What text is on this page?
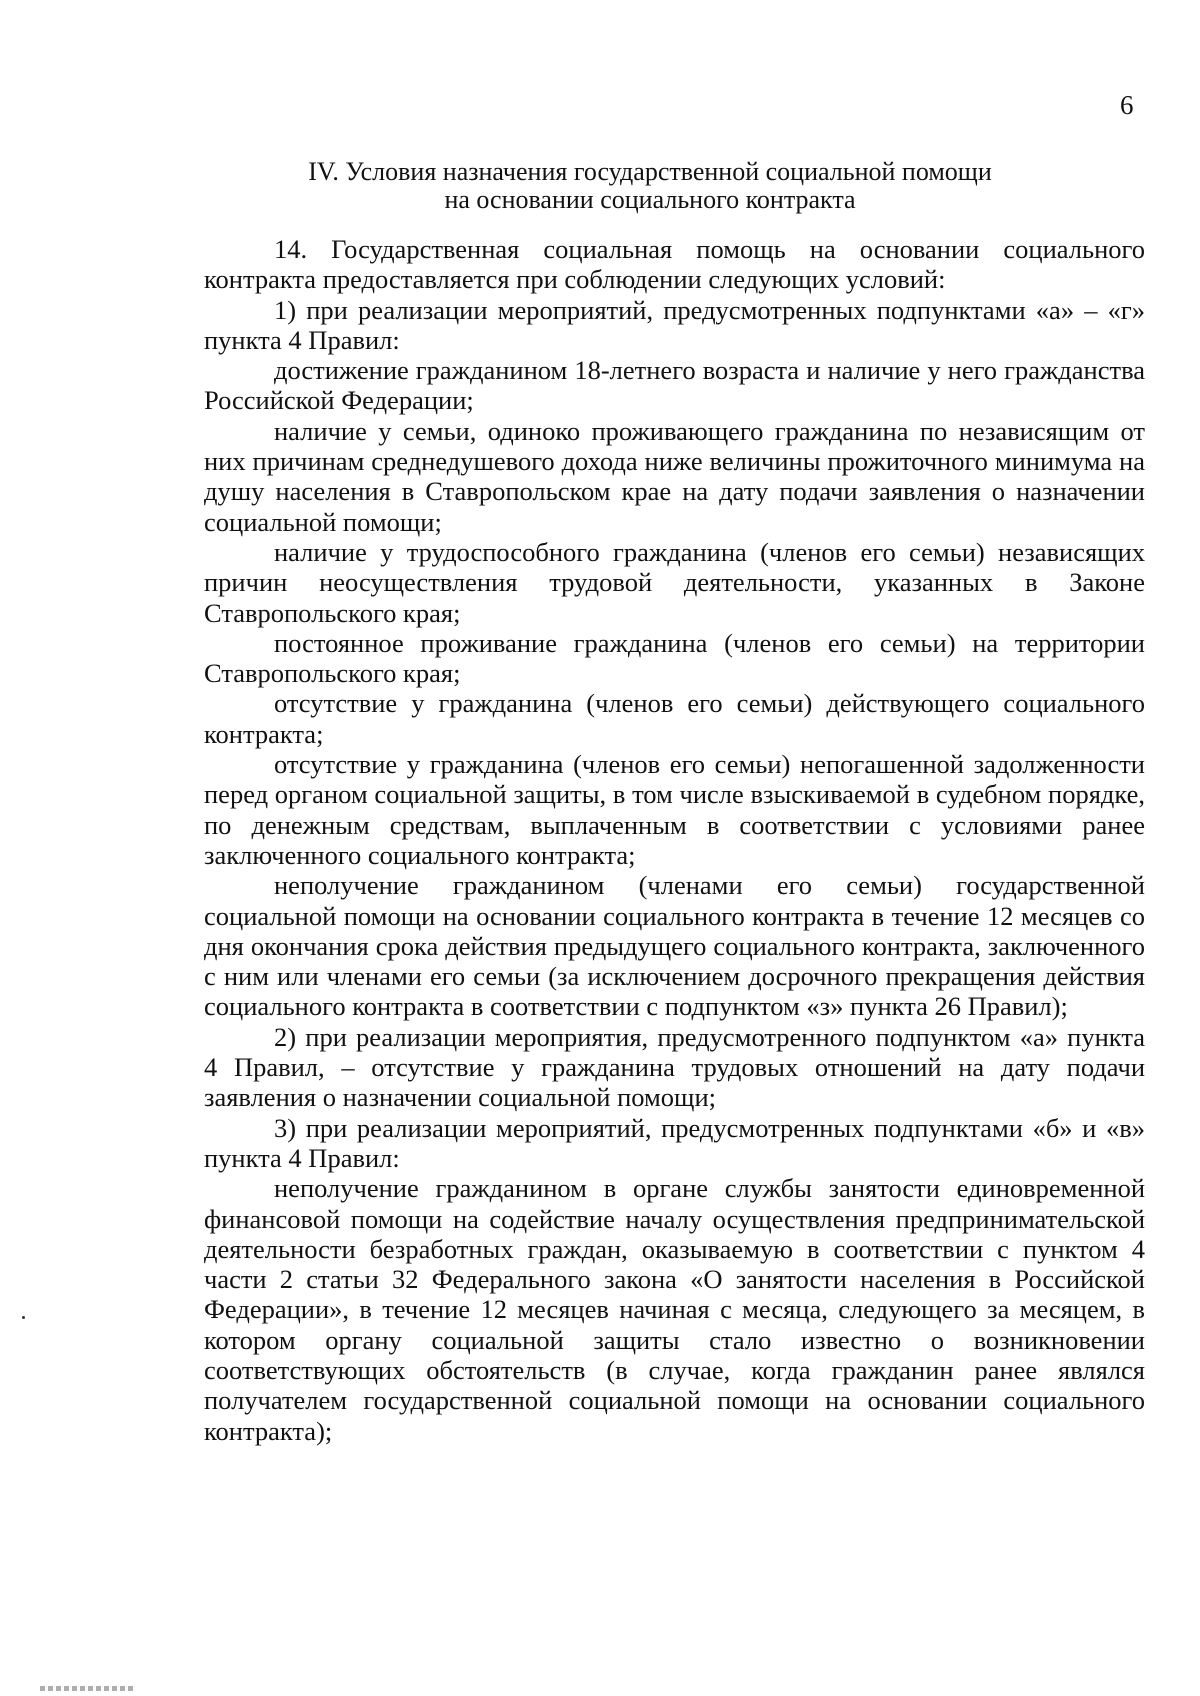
6
IV. Условия назначения государственной социальной помощи
на основании социального контракта

14. Государственная социальная помощь на основании социального контракта предоставляется при соблюдении следующих условий:

1) при реализации мероприятий, предусмотренных подпунктами «а» – «г» пункта 4 Правил:

достижение гражданином 18-летнего возраста и наличие у него гражданства Российской Федерации;

наличие у семьи, одиноко проживающего гражданина по независящим от них причинам среднедушевого дохода ниже величины прожиточного минимума на душу населения в Ставропольском крае на дату подачи заявления о назначении социальной помощи;

наличие у трудоспособного гражданина (членов его семьи) независящих причин неосуществления трудовой деятельности, указанных в Законе Ставропольского края;

постоянное проживание гражданина (членов его семьи) на территории Ставропольского края;

отсутствие у гражданина (членов его семьи) действующего социального контракта;

отсутствие у гражданина (членов его семьи) непогашенной задолженности перед органом социальной защиты, в том числе взыскиваемой в судебном порядке, по денежным средствам, выплаченным в соответствии с условиями ранее заключенного социального контракта;

неполучение гражданином (членами его семьи) государственной социальной помощи на основании социального контракта в течение 12 месяцев со дня окончания срока действия предыдущего социального контракта, заключенного с ним или членами его семьи (за исключением досрочного прекращения действия социального контракта в соответствии с подпунктом «з» пункта 26 Правил);

2) при реализации мероприятия, предусмотренного подпунктом «а» пункта 4 Правил, – отсутствие у гражданина трудовых отношений на дату подачи заявления о назначении социальной помощи;

3) при реализации мероприятий, предусмотренных подпунктами «б» и «в» пункта 4 Правил:

неполучение гражданином в органе службы занятости единовременной финансовой помощи на содействие началу осуществления предпринимательской деятельности безработных граждан, оказываемую в соответствии с пунктом 4 части 2 статьи 32 Федерального закона «О занятости населения в Российской Федерации», в течение 12 месяцев начиная с месяца, следующего за месяцем, в котором органу социальной защиты стало известно о возникновении соответствующих обстоятельств (в случае, когда гражданин ранее являлся получателем государственной социальной помощи на основании социального контракта);
